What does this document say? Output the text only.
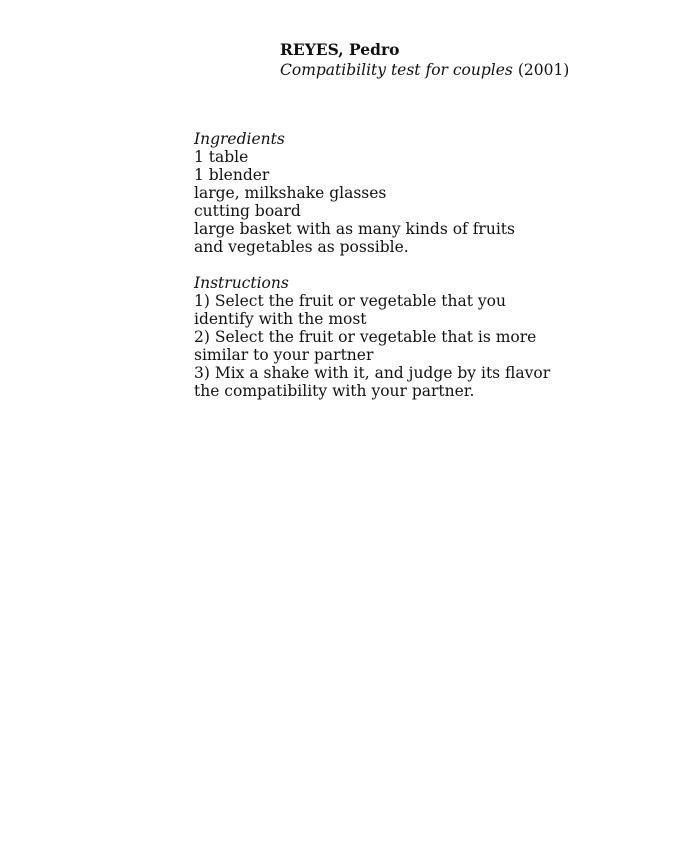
REYES, Pedro
Compatibility test for couples (2001)
Ingredients
1 table
1 blender
large, milkshake glasses
cutting board
large basket with as many kinds of fruits
and vegetables as possible.
Instructions
1) Select the fruit or vegetable that you
identify with the most
2) Select the fruit or vegetable that is more
similar to your partner
3) Mix a shake with it, and judge by its flavor
the compatibility with your partner.
